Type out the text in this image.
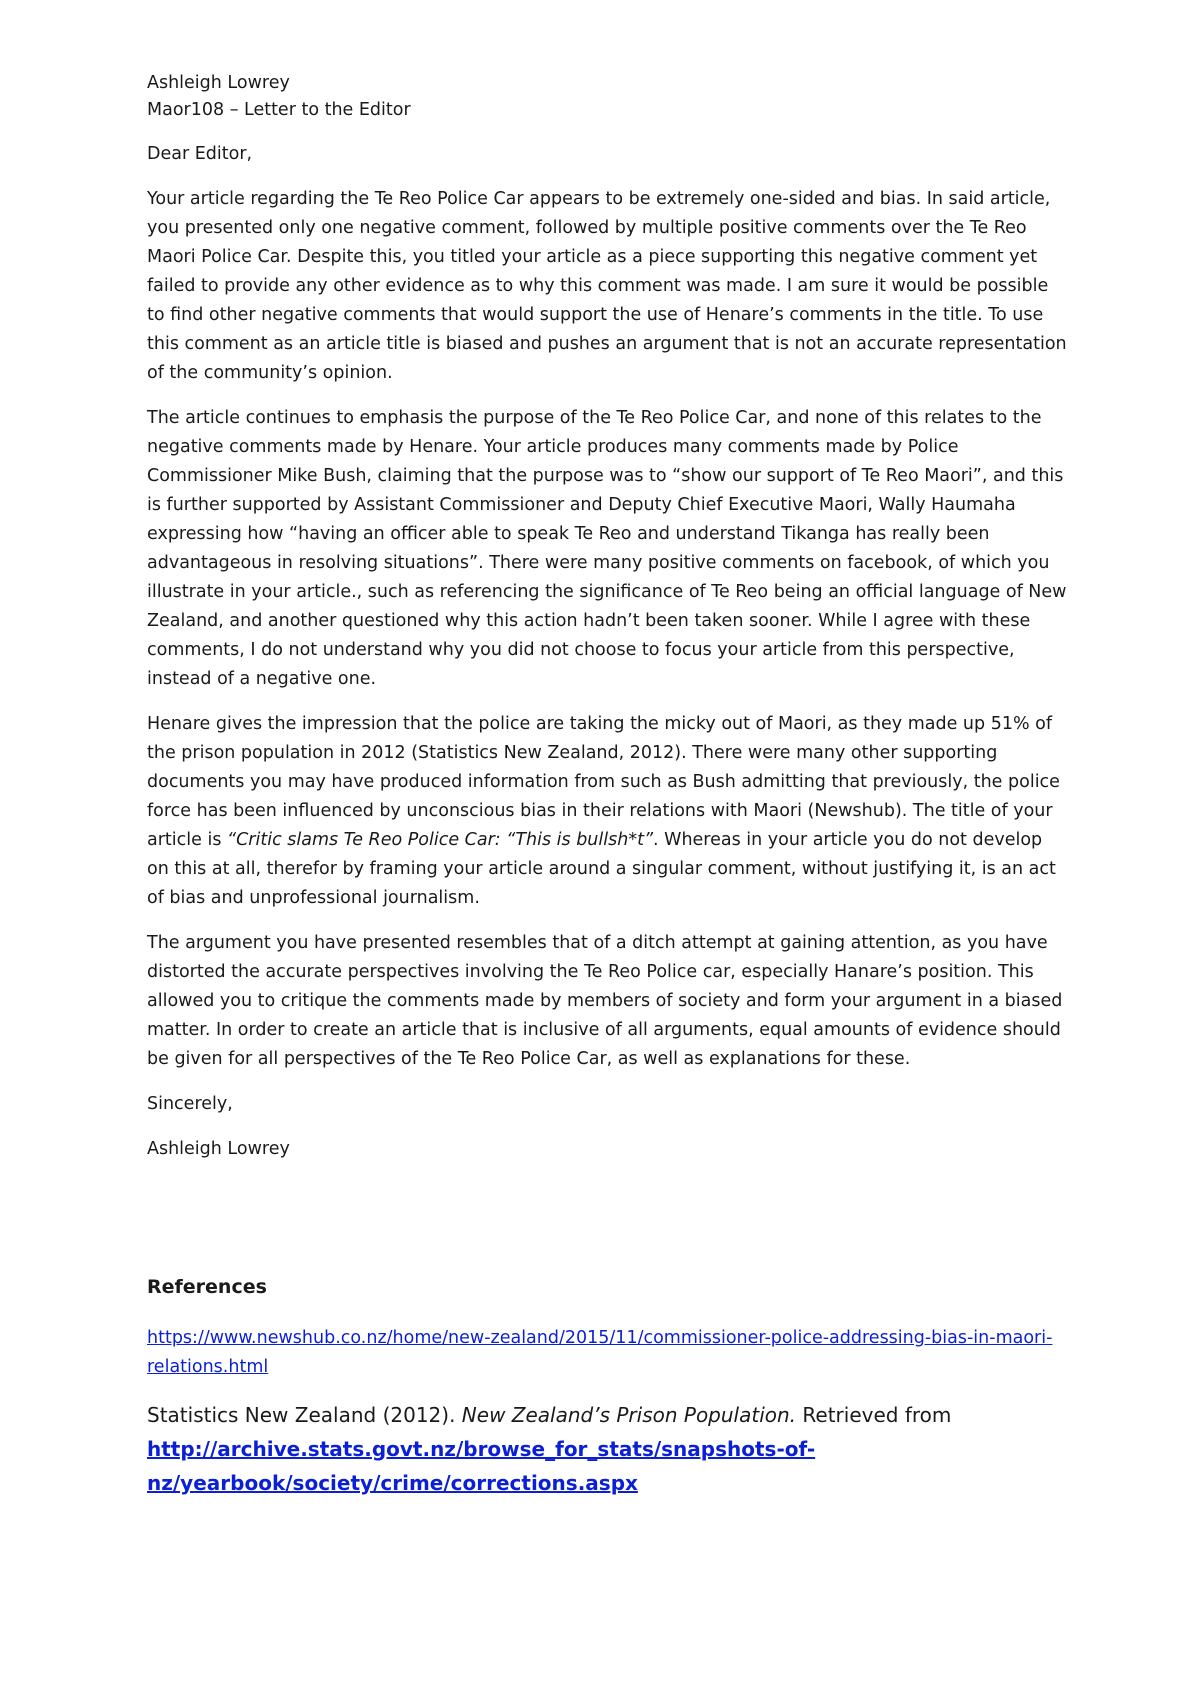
Ashleigh Lowrey

Maor108 – Letter to the Editor

Dear Editor,

Your article regarding the Te Reo Police Car appears to be extremely one-sided and bias. In said article, you presented only one negative comment, followed by multiple positive comments over the Te Reo Maori Police Car. Despite this, you titled your article as a piece supporting this negative comment yet failed to provide any other evidence as to why this comment was made. I am sure it would be possible to find other negative comments that would support the use of Henare’s comments in the title. To use this comment as an article title is biased and pushes an argument that is not an accurate representation of the community’s opinion.

The article continues to emphasis the purpose of the Te Reo Police Car, and none of this relates to the negative comments made by Henare. Your article produces many comments made by Police Commissioner Mike Bush, claiming that the purpose was to “show our support of Te Reo Maori”, and this is further supported by Assistant Commissioner and Deputy Chief Executive Maori, Wally Haumaha expressing how “having an officer able to speak Te Reo and understand Tikanga has really been advantageous in resolving situations”. There were many positive comments on facebook, of which you illustrate in your article., such as referencing the significance of Te Reo being an official language of New Zealand, and another questioned why this action hadn’t been taken sooner. While I agree with these comments, I do not understand why you did not choose to focus your article from this perspective, instead of a negative one.

Henare gives the impression that the police are taking the micky out of Maori, as they made up 51% of the prison population in 2012 (Statistics New Zealand, 2012). There were many other supporting documents you may have produced information from such as Bush admitting that previously, the police force has been influenced by unconscious bias in their relations with Maori (Newshub). The title of your article is “Critic slams Te Reo Police Car: “This is bullsh*t”. Whereas in your article you do not develop on this at all, therefor by framing your article around a singular comment, without justifying it, is an act of bias and unprofessional journalism.

The argument you have presented resembles that of a ditch attempt at gaining attention, as you have distorted the accurate perspectives involving the Te Reo Police car, especially Hanare’s position. This allowed you to critique the comments made by members of society and form your argument in a biased matter. In order to create an article that is inclusive of all arguments, equal amounts of evidence should be given for all perspectives of the Te Reo Police Car, as well as explanations for these.

Sincerely,

Ashleigh Lowrey

References

https://www.newshub.co.nz/home/new-zealand/2015/11/commissioner-police-addressing-bias-in-maori-relations.html

Statistics New Zealand (2012). New Zealand’s Prison Population. Retrieved from http://archive.stats.govt.nz/browse_for_stats/snapshots-of-nz/yearbook/society/crime/corrections.aspx
